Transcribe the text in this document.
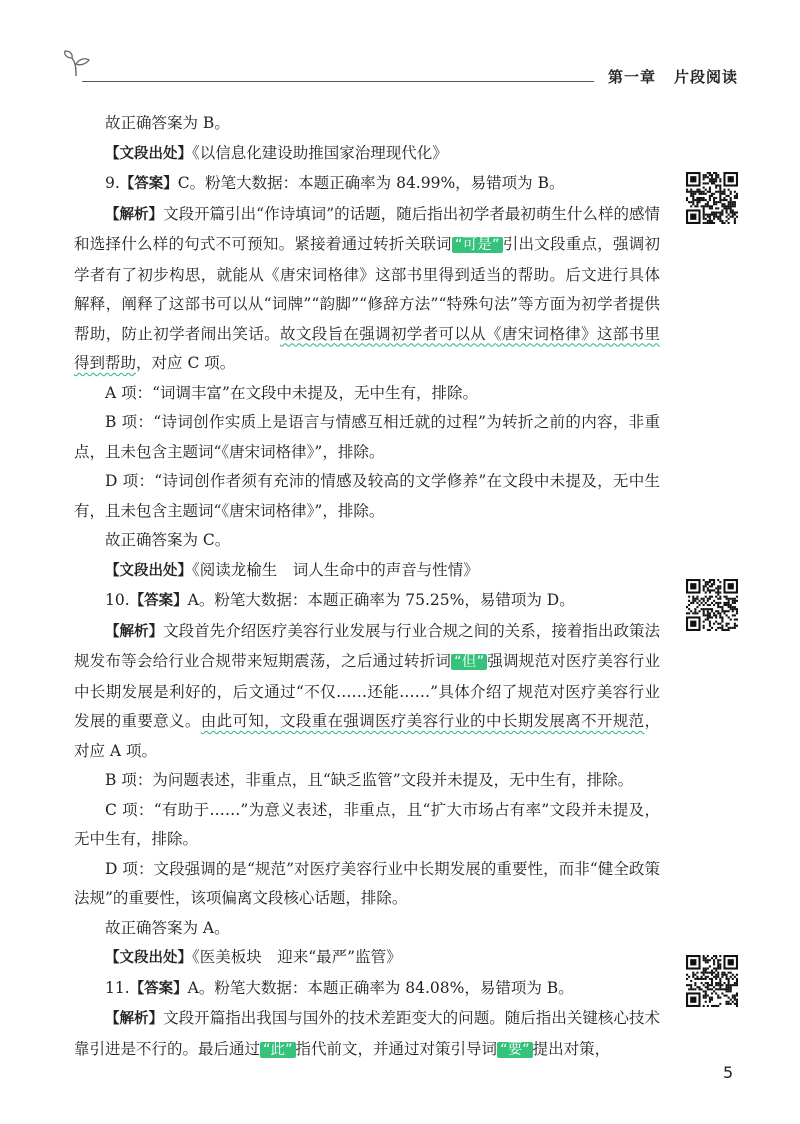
第一章 片段阅读

故正确答案为 B。

【文段出处】《以信息化建设助推国家治理现代化》

9.【答案】C。粉笔大数据：本题正确率为 84.99%，易错项为 B。

【解析】文段开篇引出“作诗填词”的话题，随后指出初学者最初萌生什么样的感情和选择什么样的句式不可预知。紧接着通过转折关联词 “可是” 引出文段重点，强调初学者有了初步构思，就能从《唐宋词格律》这部书里得到适当的帮助。后文进行具体解释，阐释了这部书可以从“词牌”“韵脚”“修辞方法”“特殊句法”等方面为初学者提供帮助，防止初学者闹出笑话。故文段旨在强调初学者可以从《唐宋词格律》这部书里得到帮助，对应 C 项。

A 项：“词调丰富”在文段中未提及，无中生有，排除。

B 项：“诗词创作实质上是语言与情感互相迁就的过程”为转折之前的内容，非重点，且未包含主题词“《唐宋词格律》”，排除。

D 项：“诗词创作者须有充沛的情感及较高的文学修养”在文段中未提及，无中生有，且未包含主题词“《唐宋词格律》”，排除。

故正确答案为 C。

【文段出处】《阅读龙榆生　词人生命中的声音与性情》

10.【答案】A。粉笔大数据：本题正确率为 75.25%，易错项为 D。

【解析】文段首先介绍医疗美容行业发展与行业合规之间的关系，接着指出政策法规发布等会给行业合规带来短期震荡，之后通过转折词 “但” 强调规范对医疗美容行业中长期发展是利好的，后文通过“不仅……还能……”具体介绍了规范对医疗美容行业发展的重要意义。由此可知，文段重在强调医疗美容行业的中长期发展离不开规范，对应 A 项。

B 项：为问题表述，非重点，且“缺乏监管”文段并未提及，无中生有，排除。

C 项：“有助于……”为意义表述，非重点，且“扩大市场占有率”文段并未提及，无中生有，排除。

D 项：文段强调的是“规范”对医疗美容行业中长期发展的重要性，而非“健全政策法规”的重要性，该项偏离文段核心话题，排除。

故正确答案为 A。

【文段出处】《医美板块　迎来“最严”监管》

11.【答案】A。粉笔大数据：本题正确率为 84.08%，易错项为 B。

【解析】文段开篇指出我国与国外的技术差距变大的问题。随后指出关键核心技术靠引进是不行的。最后通过 “此” 指代前文，并通过对策引导词 “要” 提出对策，

5
